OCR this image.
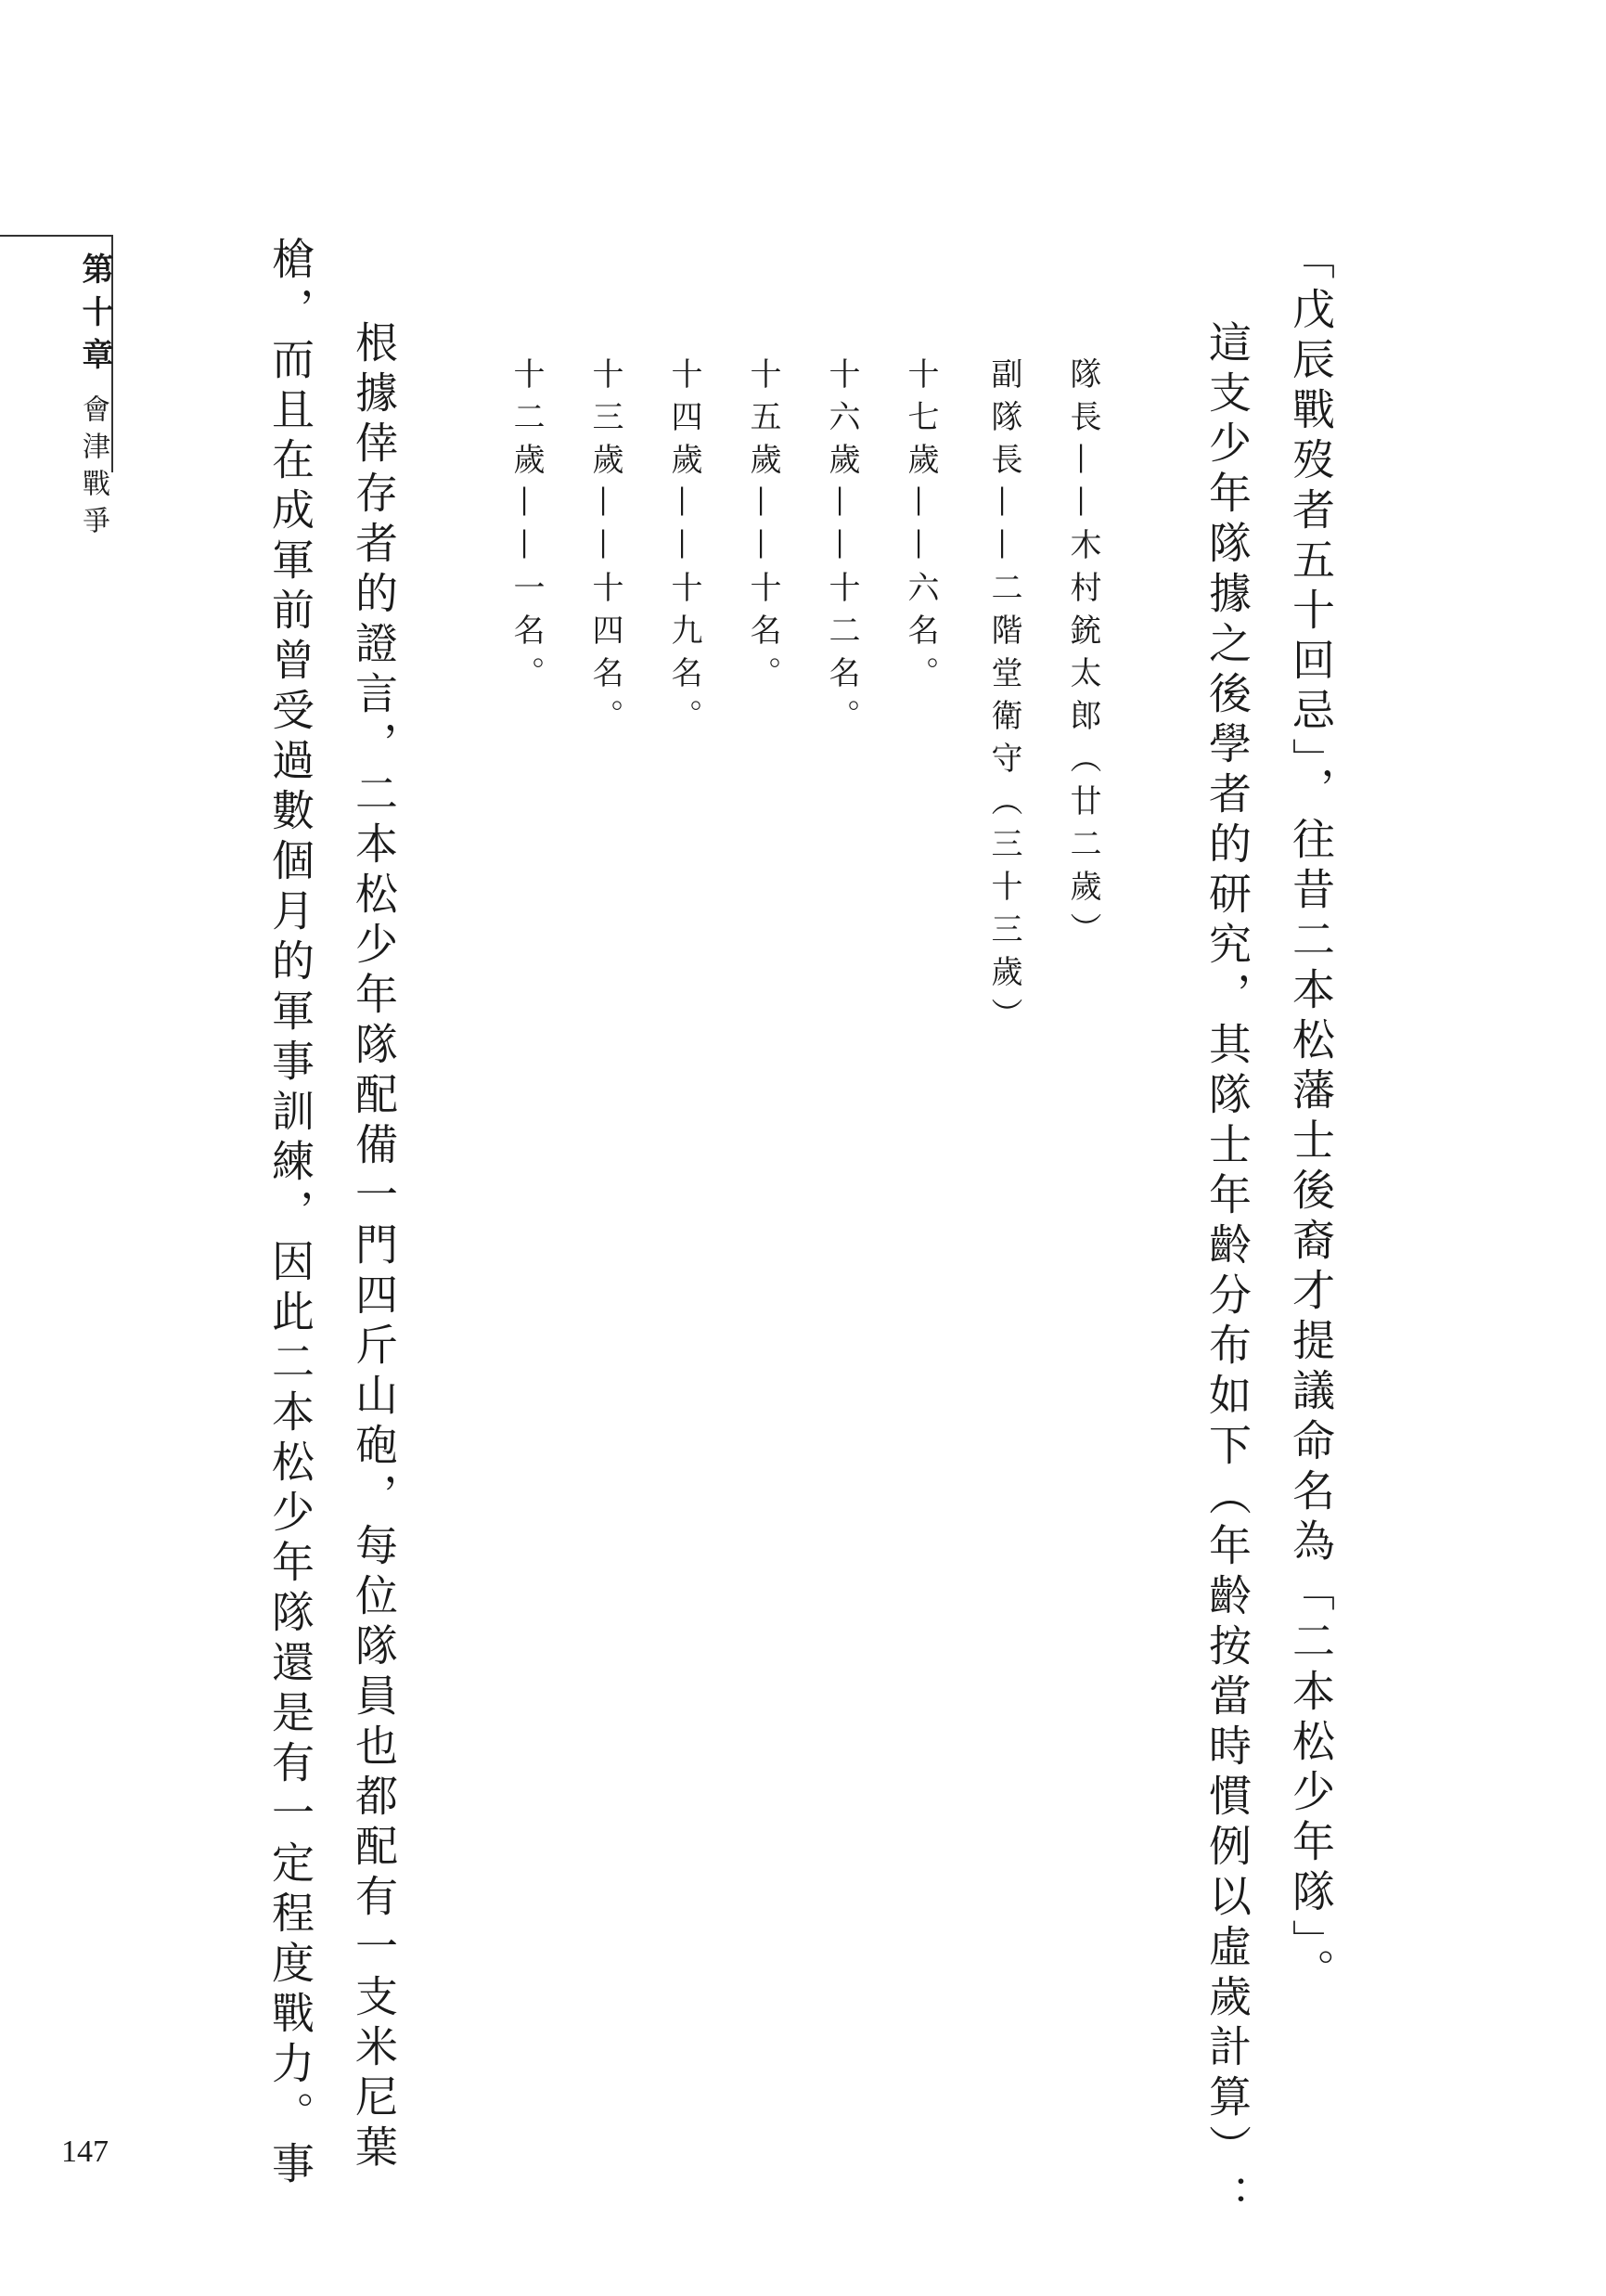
第十章
會津戰爭	「戊辰戰歿者五十回忌」，往昔二本松藩士後裔才提議命名為「二本松少年隊」。
這支少年隊據之後學者的研究，其隊士年齡分布如下（年齡按當時慣例以虛歲計算）：
隊長——木村銃太郎（廿二歲）
副隊長——二階堂衛守（三十三歲）
十七歲——六名。
十六歲——十二名。
十五歲——十名。
十四歲——十九名。
十三歲——十四名。
十二歲——一名。
根據倖存者的證言，二本松少年隊配備一門四斤山砲，每位隊員也都配有一支米尼葉
槍，而且在成軍前曾受過數個月的軍事訓練，因此二本松少年隊還是有一定程度戰力。事
147
